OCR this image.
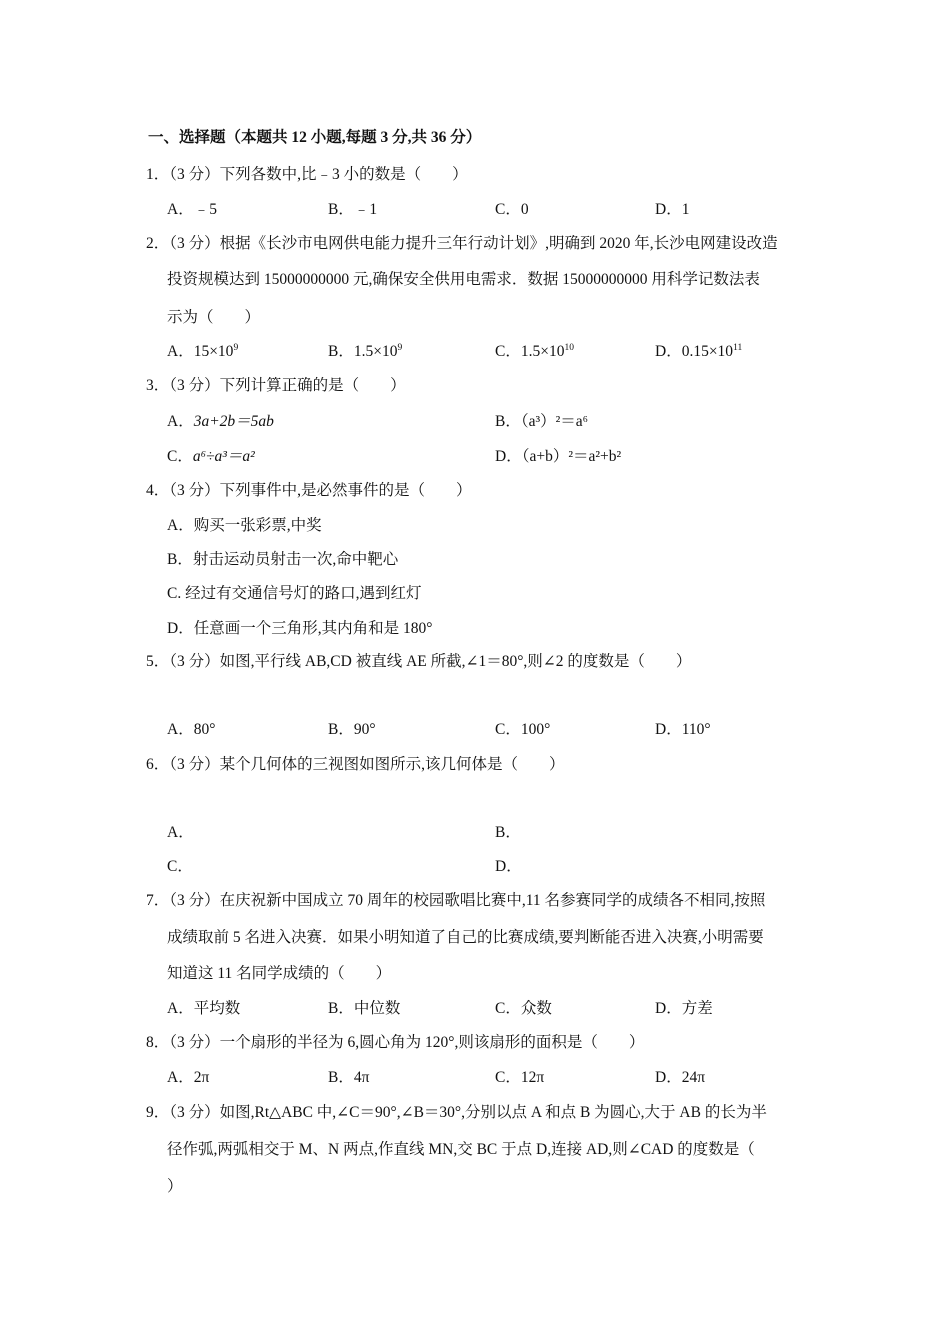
一、选择题（本题共 12 小题,每题 3 分,共 36 分）
1．（3 分）下列各数中,比﹣3 小的数是（　　）
A．﹣5	B．﹣1	C．0	D．1
2．（3 分）根据《长沙市电网供电能力提升三年行动计划》,明确到 2020 年,长沙电网建设改造
投资规模达到 15000000000 元,确保安全供用电需求．数据 15000000000 用科学记数法表
示为（　　）
A．$15\times 10^9$	B．$1.5\times 10^9$	C．$1.5\times 10^{10}$	D．$0.15\times 10^{11}$
3．（3 分）下列计算正确的是（　　）
A．3a+2b＝5ab	B．（a³）²＝a⁶
C．a⁶÷a³＝a²	D．（a+b）²＝a²+b²
4．（3 分）下列事件中,是必然事件的是（　　）
A．购买一张彩票,中奖
B．射击运动员射击一次,命中靶心
C. 经过有交通信号灯的路口,遇到红灯
D．任意画一个三角形,其内角和是 180°
5．（3 分）如图,平行线 AB,CD 被直线 AE 所截,∠1＝80°,则∠2 的度数是（　　）
A．80°	B．90°	C．100°	D．110°
6．（3 分）某个几何体的三视图如图所示,该几何体是（　　）
A．	B．
C．	D．
7．（3 分）在庆祝新中国成立 70 周年的校园歌唱比赛中,11 名参赛同学的成绩各不相同,按照
成绩取前 5 名进入决赛．如果小明知道了自己的比赛成绩,要判断能否进入决赛,小明需要
知道这 11 名同学成绩的（　　）
A．平均数	B．中位数	C．众数	D．方差
8．（3 分）一个扇形的半径为 6,圆心角为 120°,则该扇形的面积是（　　）
A．2π	B．4π	C．12π	D．24π
9．（3 分）如图,Rt△ABC 中,∠C＝90°,∠B＝30°,分别以点 A 和点 B 为圆心,大于 AB 的长为半
径作弧,两弧相交于 M、N 两点,作直线 MN,交 BC 于点 D,连接 AD,则∠CAD 的度数是（
）
